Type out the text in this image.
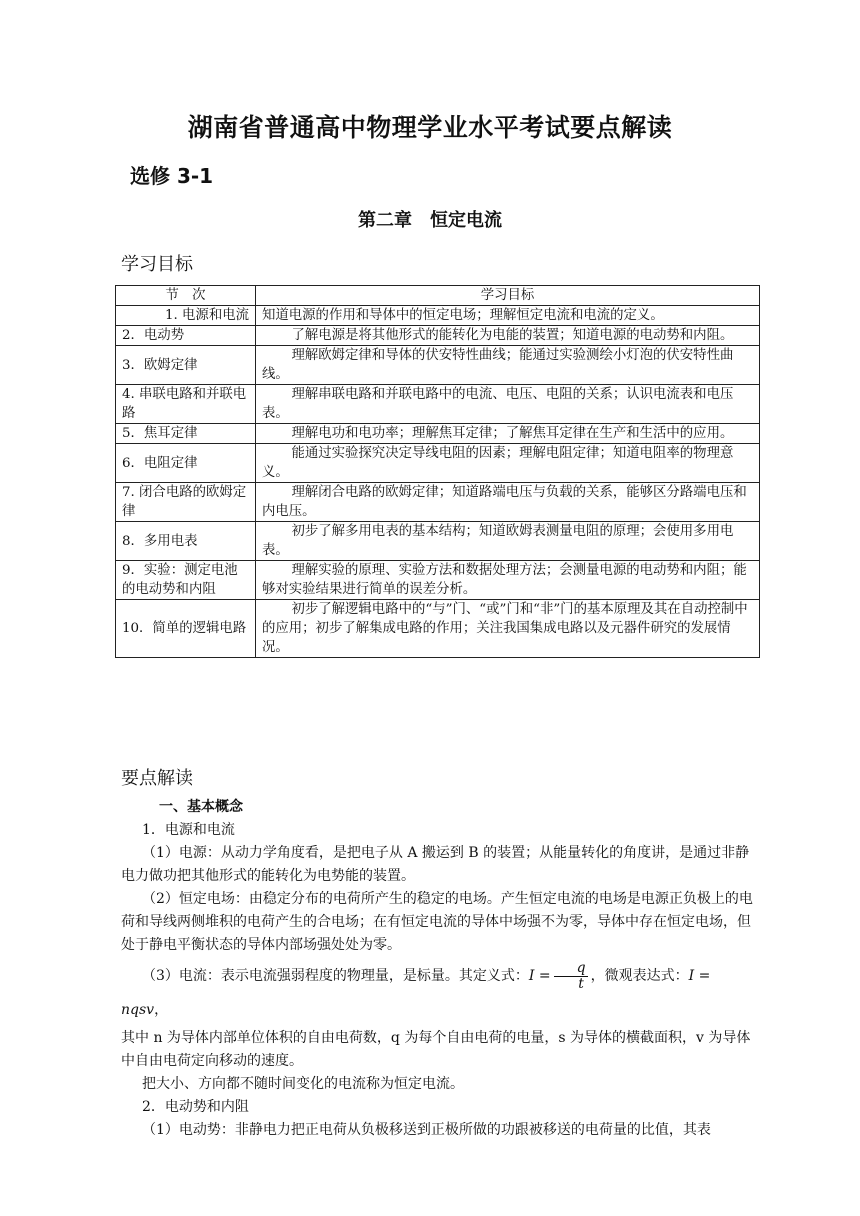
湖南省普通高中物理学业水平考试要点解读
选修 3-1
第二章　恒定电流
学习目标
节　次	学习目标
1. 电源和电流	知道电源的作用和导体中的恒定电场；理解恒定电流和电流的定义。
2．电动势	了解电源是将其他形式的能转化为电能的装置；知道电源的电动势和内阻。
3．欧姆定律	理解欧姆定律和导体的伏安特性曲线；能通过实验测绘小灯泡的伏安特性曲线。
4. 串联电路和并联电路	理解串联电路和并联电路中的电流、电压、电阻的关系；认识电流表和电压表。
5．焦耳定律	理解电功和电功率；理解焦耳定律；了解焦耳定律在生产和生活中的应用。
6．电阻定律	能通过实验探究决定导线电阻的因素；理解电阻定律；知道电阻率的物理意义。
7. 闭合电路的欧姆定律	理解闭合电路的欧姆定律；知道路端电压与负载的关系，能够区分路端电压和内电压。
8．多用电表	初步了解多用电表的基本结构；知道欧姆表测量电阻的原理；会使用多用电表。
9．实验：测定电池的电动势和内阻	理解实验的原理、实验方法和数据处理方法；会测量电源的电动势和内阻；能够对实验结果进行简单的误差分析。
10．简单的逻辑电路	初步了解逻辑电路中的“与”门、“或”门和“非”门的基本原理及其在自动控制中的应用；初步了解集成电路的作用；关注我国集成电路以及元器件研究的发展情况。
要点解读

一、基本概念

1．电源和电流

（1）电源：从动力学角度看，是把电子从 A 搬运到 B 的装置；从能量转化的角度讲，是通过非静电力做功把其他形式的能转化为电势能的装置。

（2）恒定电场：由稳定分布的电荷所产生的稳定的电场。产生恒定电流的电场是电源正负极上的电荷和导线两侧堆积的电荷产生的合电场；在有恒定电流的导体中场强不为零，导体中存在恒定电场，但处于静电平衡状态的导体内部场强处处为零。

（3）电流：表示电流强弱程度的物理量，是标量。其定义式：$I = \frac{q}{t}$ ，微观表达式：I = nqsv，

其中 n 为导体内部单位体积的自由电荷数，q 为每个自由电荷的电量，s 为导体的横截面积，v 为导体中自由电荷定向移动的速度。

把大小、方向都不随时间变化的电流称为恒定电流。

2．电动势和内阻

（1）电动势：非静电力把正电荷从负极移送到正极所做的功跟被移送的电荷量的比值，其表
